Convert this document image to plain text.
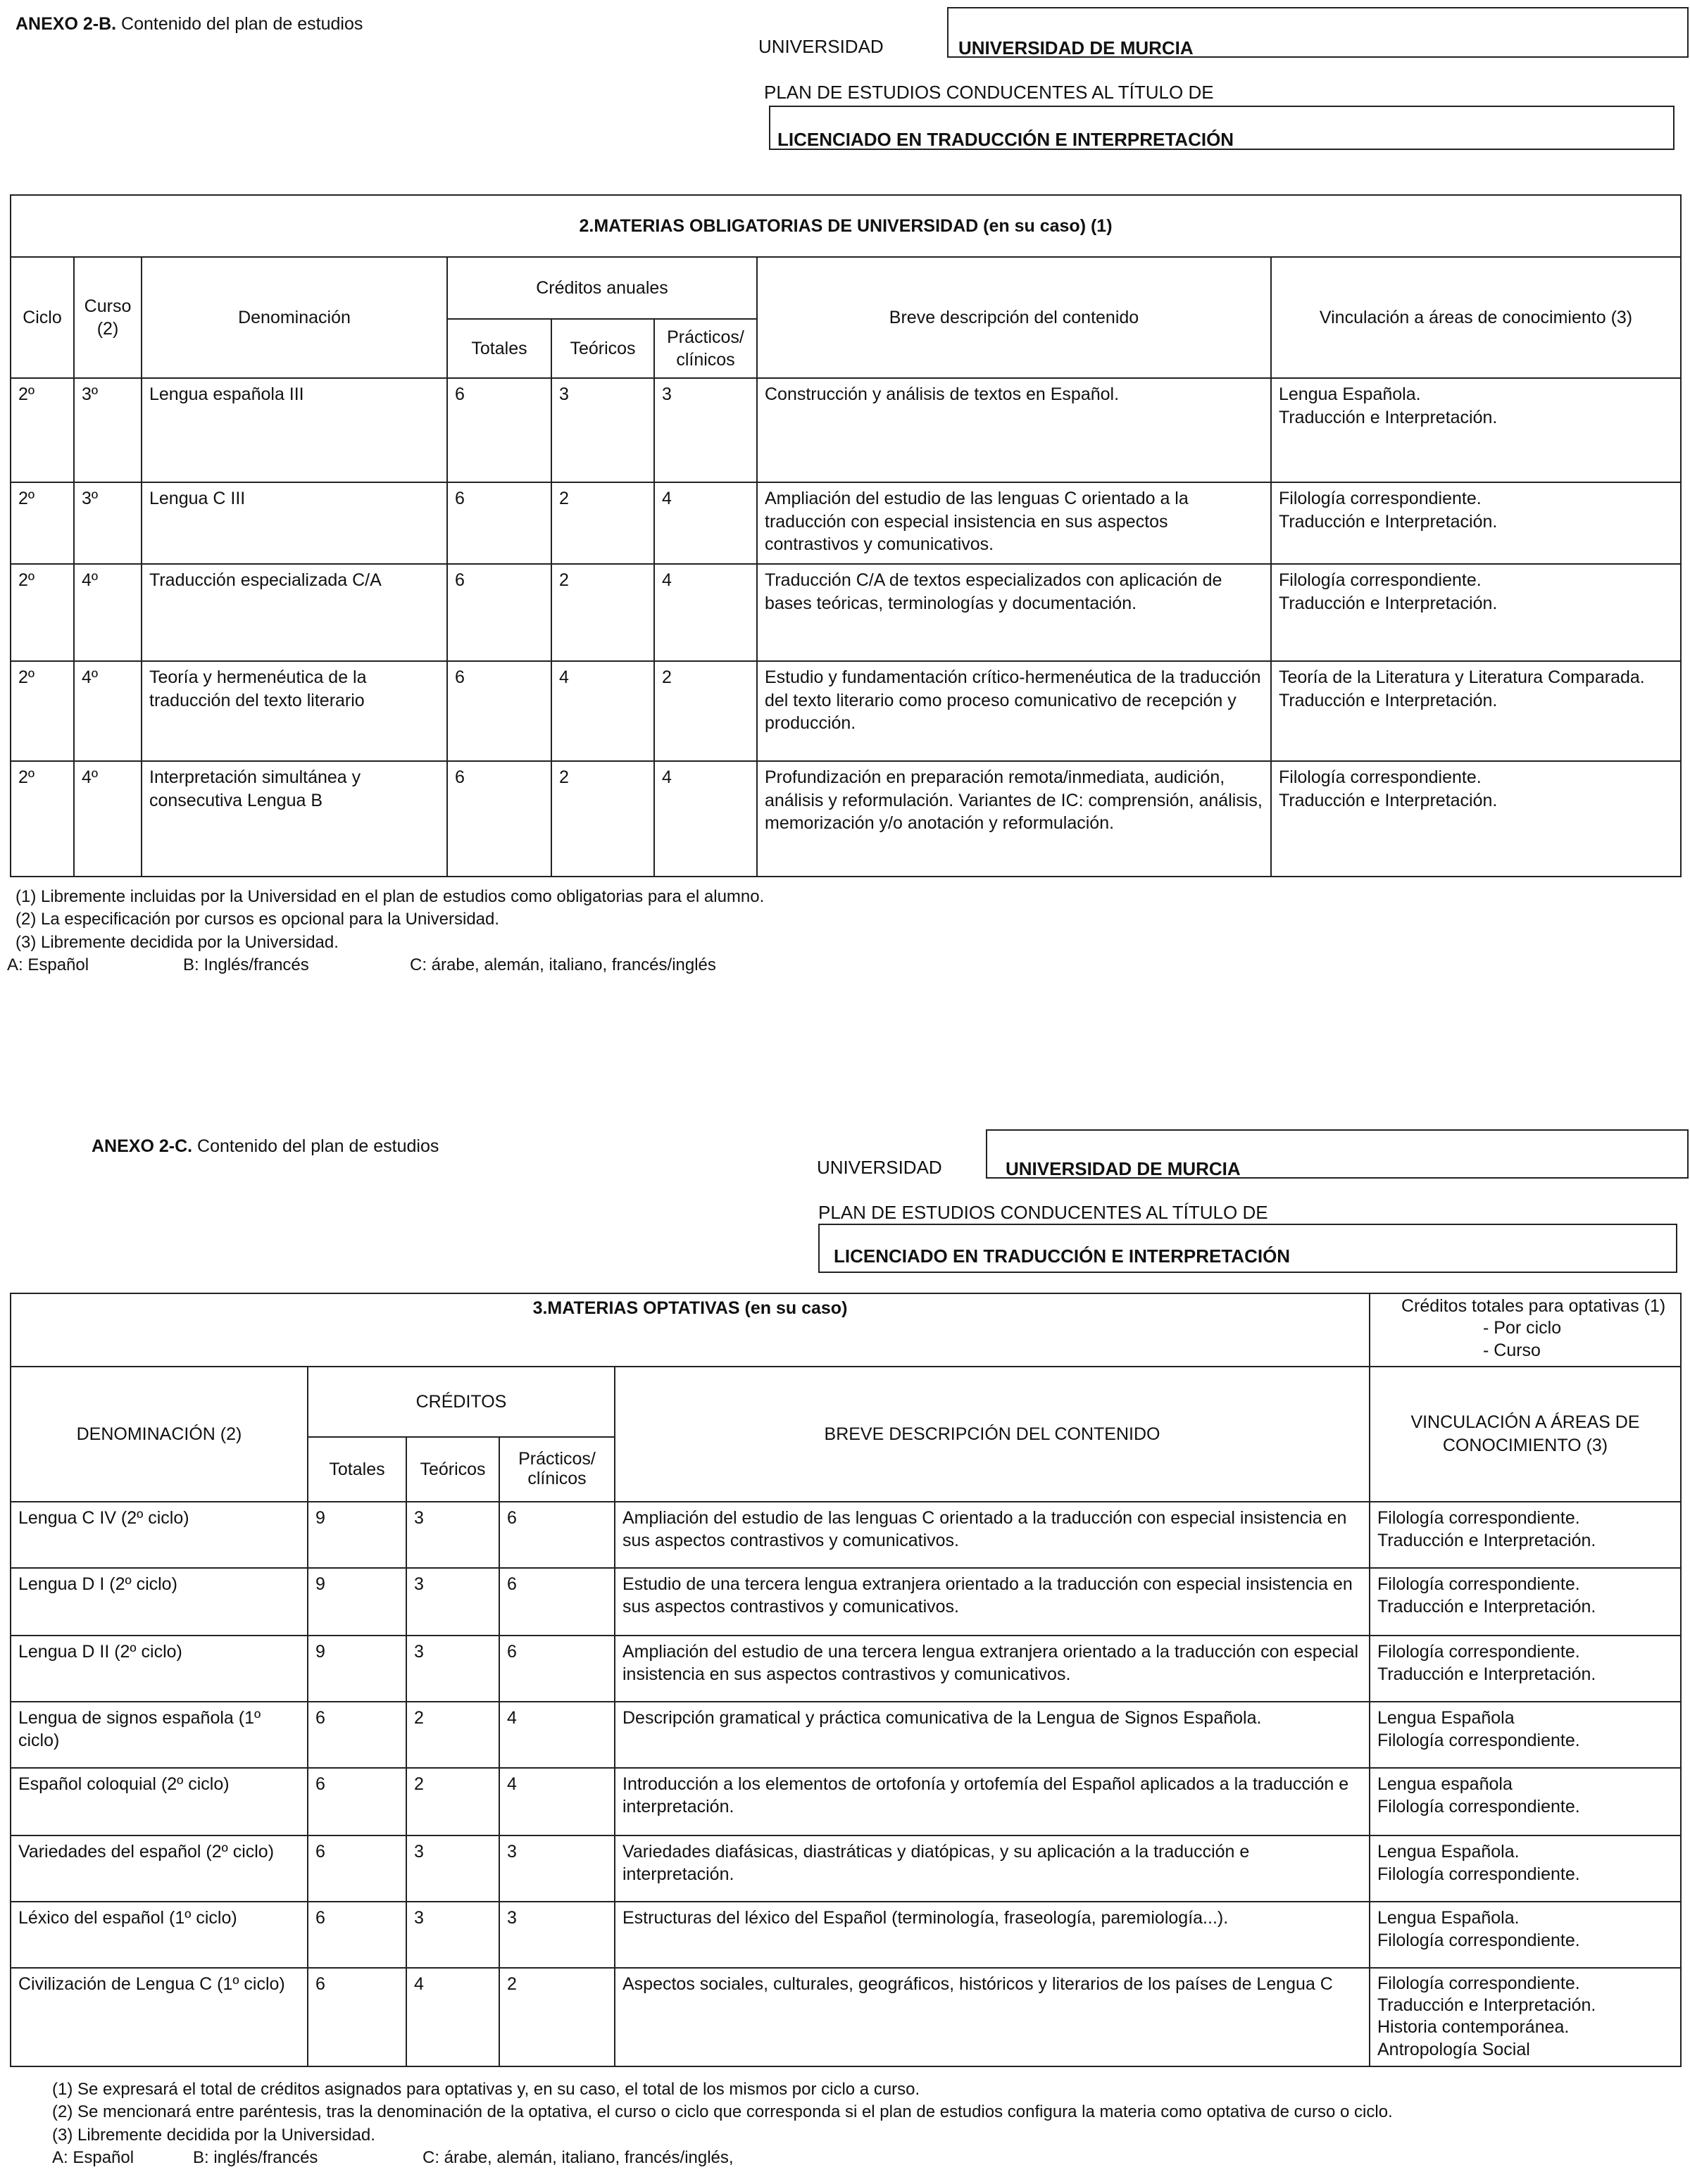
ANEXO 2-B. Contenido del plan de estudios
UNIVERSIDAD	UNIVERSIDAD DE MURCIA
PLAN DE ESTUDIOS CONDUCENTES AL TÍTULO DE
LICENCIADO EN TRADUCCIÓN E INTERPRETACIÓN
2.MATERIAS OBLIGATORIAS DE UNIVERSIDAD (en su caso) (1)							
Ciclo	Curso (2)	Denominación	Créditos anuales			Breve descripción del contenido	Vinculación a áreas de conocimiento (3)
			Totales	Teóricos	Prácticos/ clínicos		
2º	3º	Lengua española III	6	3	3	Construcción y análisis de textos en Español.	Lengua Española.
Traducción e Interpretación.
2º	3º	Lengua C III	6	2	4	Ampliación del estudio de las lenguas C orientado a la traducción con especial insistencia en sus aspectos contrastivos y comunicativos.	Filología correspondiente.
Traducción e Interpretación.
2º	4º	Traducción especializada C/A	6	2	4	Traducción C/A de textos especializados con aplicación de bases teóricas, terminologías y documentación.	Filología correspondiente.
Traducción e Interpretación.
2º	4º	Teoría y hermenéutica de la traducción del texto literario	6	4	2	Estudio y fundamentación crítico-hermenéutica de la traducción del texto literario como proceso comunicativo de recepción y producción.	Teoría de la Literatura y Literatura Comparada.
Traducción e Interpretación.
2º	4º	Interpretación simultánea y consecutiva Lengua B	6	2	4	Profundización en preparación remota/inmediata, audición, análisis y reformulación. Variantes de IC: comprensión, análisis, memorización y/o anotación y reformulación.	Filología correspondiente.
Traducción e Interpretación.
(1) Libremente incluidas por la Universidad en el plan de estudios como obligatorias para el alumno.
(2) La especificación por cursos es opcional para la Universidad.
(3) Libremente decidida por la Universidad.
A: Español	B: Inglés/francés	C: árabe, alemán, italiano, francés/inglés
ANEXO 2-C. Contenido del plan de estudios
UNIVERSIDAD	UNIVERSIDAD DE MURCIA
PLAN DE ESTUDIOS CONDUCENTES AL TÍTULO DE
LICENCIADO EN TRADUCCIÓN E INTERPRETACIÓN
3.MATERIAS OPTATIVAS (en su caso)					Créditos totales para optativas (1)
- Por ciclo
- Curso

DENOMINACIÓN (2)	CRÉDITOS			BREVE DESCRIPCIÓN DEL CONTENIDO	VINCULACIÓN A ÁREAS DE CONOCIMIENTO (3)
	Totales	Teóricos	Prácticos/ clínicos		
Lengua C IV (2º ciclo)	9	3	6	Ampliación del estudio de las lenguas C orientado a la traducción con especial insistencia en sus aspectos contrastivos y comunicativos.	Filología correspondiente.
Traducción e Interpretación.
Lengua D I (2º ciclo)	9	3	6	Estudio de una tercera lengua extranjera orientado a la traducción con especial insistencia en sus aspectos contrastivos y comunicativos.	Filología correspondiente.
Traducción e Interpretación.
Lengua D II (2º ciclo)	9	3	6	Ampliación del estudio de una tercera lengua extranjera orientado a la traducción con especial insistencia en sus aspectos contrastivos y comunicativos.	Filología correspondiente.
Traducción e Interpretación.
Lengua de signos española (1º ciclo)	6	2	4	Descripción gramatical y práctica comunicativa de la Lengua de Signos Española.	Lengua Española
Filología correspondiente.
Español coloquial (2º ciclo)	6	2	4	Introducción a los elementos de ortofonía y ortofemía del Español aplicados a la traducción e interpretación.	Lengua española
Filología correspondiente.
Variedades del español (2º ciclo)	6	3	3	Variedades diafásicas, diastráticas y diatópicas, y su aplicación a la traducción e interpretación.	Lengua Española.
Filología correspondiente.
Léxico del español (1º ciclo)	6	3	3	Estructuras del léxico del Español (terminología, fraseología, paremiología...).	Lengua Española.
Filología correspondiente.
Civilización de Lengua C (1º ciclo)	6	4	2	Aspectos sociales, culturales, geográficos, históricos y literarios de los países de Lengua C	Filología correspondiente.
Traducción e Interpretación.
Historia contemporánea.
Antropología Social
(1) Se expresará el total de créditos asignados para optativas y, en su caso, el total de los mismos por ciclo a curso.
(2) Se mencionará entre paréntesis, tras la denominación de la optativa, el curso o ciclo que corresponda si el plan de estudios configura la materia como optativa de curso o ciclo.
(3) Libremente decidida por la Universidad.
A: Español	B: inglés/francés	C: árabe, alemán, italiano, francés/inglés,
